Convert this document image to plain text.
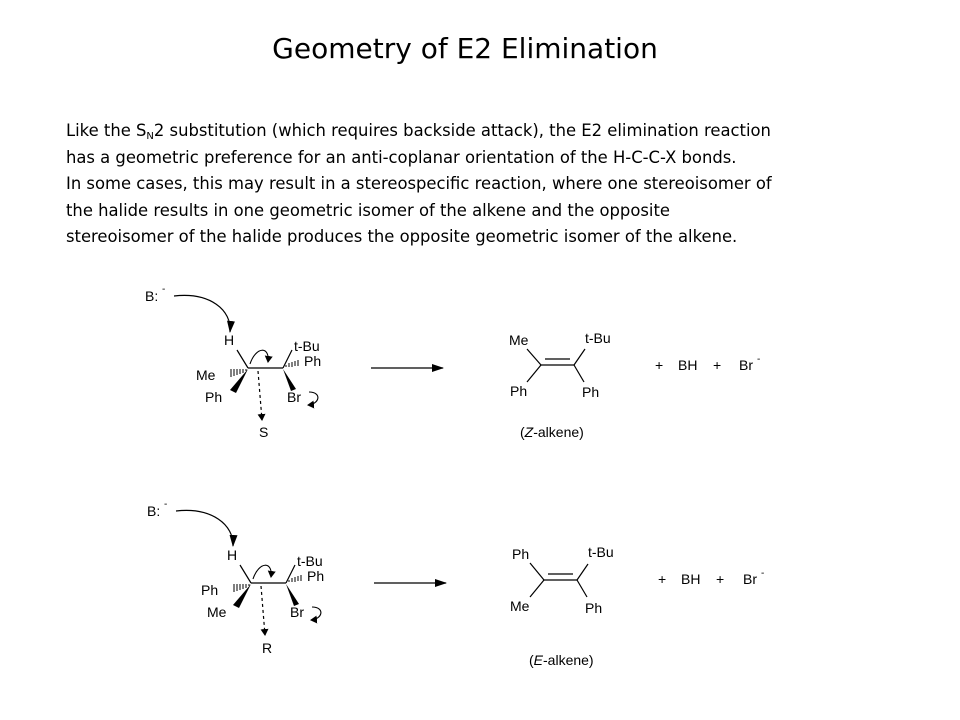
Geometry of E2 Elimination

Like the $S_N2$ substitution (which requires backside attack), the E2 elimination reaction

has a geometric preference for an anti-coplanar orientation of the H-C-C-X bonds.

In some cases, this may result in a stereospecific reaction, where one stereoisomer of

the halide results in one geometric isomer of the alkene and the opposite

stereoisomer of the halide produces the opposite geometric isomer of the alkene.

B: -
H
Me
Ph
S
t-Bu
Ph
Br
Me	t-Bu
Ph	Ph
+ BH + Br -
(Z-alkene)
B: -
H
Ph
Me
R
t-Bu
Ph
Br
Ph	t-Bu
Me	Ph
+ BH + Br -
(E-alkene)
